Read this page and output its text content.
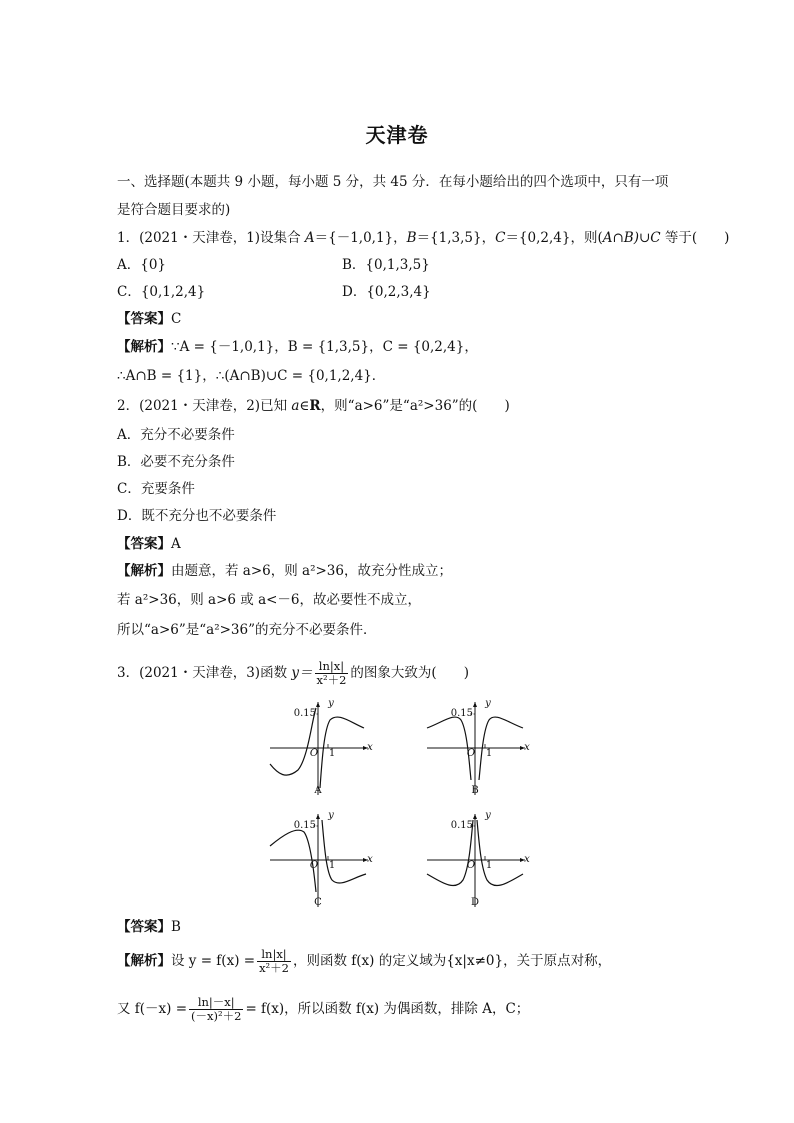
天津卷
一、选择题(本题共 9 小题，每小题 5 分，共 45 分．在每小题给出的四个选项中，只有一项
是符合题目要求的)
1．(2021・天津卷，1)设集合 A＝{－1,0,1}，B＝{1,3,5}，C＝{0,2,4}，则(A∩B)∪C 等于(　　)
A．{0}	B．{0,1,3,5}
C．{0,1,2,4}	D．{0,2,3,4}
【答案】C
【解析】∵A = {－1,0,1}，B = {1,3,5}，C = {0,2,4}，
∴A∩B = {1}，∴(A∩B)∪C = {0,1,2,4}．
2．(2021・天津卷，2)已知 a∈R，则“a>6”是“a²>36”的(　　)
A．充分不必要条件
B．必要不充分条件
C．充要条件
D．既不充分也不必要条件
【答案】A
【解析】由题意，若 a>6，则 a²>36，故充分性成立；
若 a²>36，则 a>6 或 a<－6，故必要性不成立，
所以“a>6”是“a²>36”的充分不必要条件．
3．(2021・天津卷，3)函数 $y= \frac{\ln|x|}{\text{x²＋2}}$ 的图象大致为(　　)
0.15
y
x
O	1
A
0.15
y
x
O	1
B
0.15
y
x
O	1
C
0.15
y
x
O	1
D
【答案】B
【解析】设 $y = f(x) = \frac{\ln|x|}{\text{x²＋2}}$ ，则函数 f(x) 的定义域为{x|x≠0}，关于原点对称，
又 $f(-x) = \frac{\ln|-x|}{\text{(－x)²＋2}} = f(x)$，所以函数 f(x) 为偶函数，排除 A，C；
